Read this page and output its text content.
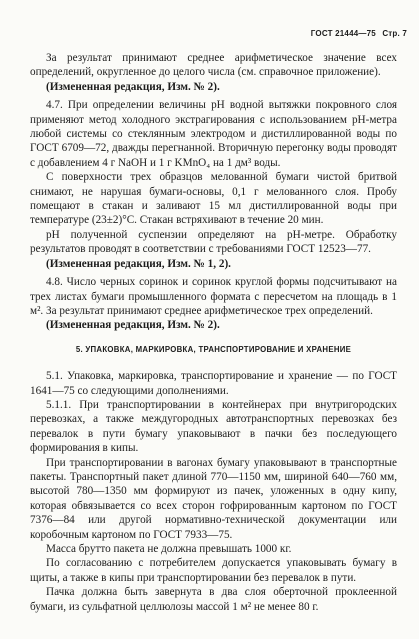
ГОСТ 21444—75 Стр. 7

За результат принимают среднее арифметическое значение всех определений, округленное до целого числа (см. справочное приложение).

(Измененная редакция, Изм. № 2).

4.7. При определении величины pH водной вытяжки покровного слоя применяют метод холодного экстрагирования с использованием pH-метра любой системы со стеклянным электродом и дистиллированной воды по ГОСТ 6709—72, дважды перегнанной. Вторичную перегонку воды проводят с добавлением 4 г NaOH и 1 г KMnO₄ на 1 дм³ воды.

С поверхности трех образцов мелованной бумаги чистой бритвой снимают, не нарушая бумаги-основы, 0,1 г мелованного слоя. Пробу помещают в стакан и заливают 15 мл дистиллированной воды при температуре (23±2)°С. Стакан встряхивают в течение 20 мин.

pH полученной суспензии определяют на pH-метре. Обработку результатов проводят в соответствии с требованиями ГОСТ 12523—77.

(Измененная редакция, Изм. № 1, 2).

4.8. Число черных соринок и соринок круглой формы подсчитывают на трех листах бумаги промышленного формата с пересчетом на площадь в 1 м². За результат принимают среднее арифметическое трех определений.

(Измененная редакция, Изм. № 2).

5. УПАКОВКА, МАРКИРОВКА, ТРАНСПОРТИРОВАНИЕ И ХРАНЕНИЕ

5.1. Упаковка, маркировка, транспортирование и хранение — по ГОСТ 1641—75 со следующими дополнениями.

5.1.1. При транспортировании в контейнерах при внутригородских перевозках, а также междугородных автотранспортных перевозках без перевалок в пути бумагу упаковывают в пачки без последующего формирования в кипы.

При транспортировании в вагонах бумагу упаковывают в транспортные пакеты. Транспортный пакет длиной 770—1150 мм, шириной 640—760 мм, высотой 780—1350 мм формируют из пачек, уложенных в одну кипу, которая обвязывается со всех сторон гофрированным картоном по ГОСТ 7376—84 или другой нормативно-технической документации или коробочным картоном по ГОСТ 7933—75.

Масса брутто пакета не должна превышать 1000 кг.

По согласованию с потребителем допускается упаковывать бумагу в щиты, а также в кипы при транспортировании без перевалок в пути.

Пачка должна быть завернута в два слоя оберточной проклеенной бумаги, из сульфатной целлюлозы массой 1 м² не менее 80 г.
